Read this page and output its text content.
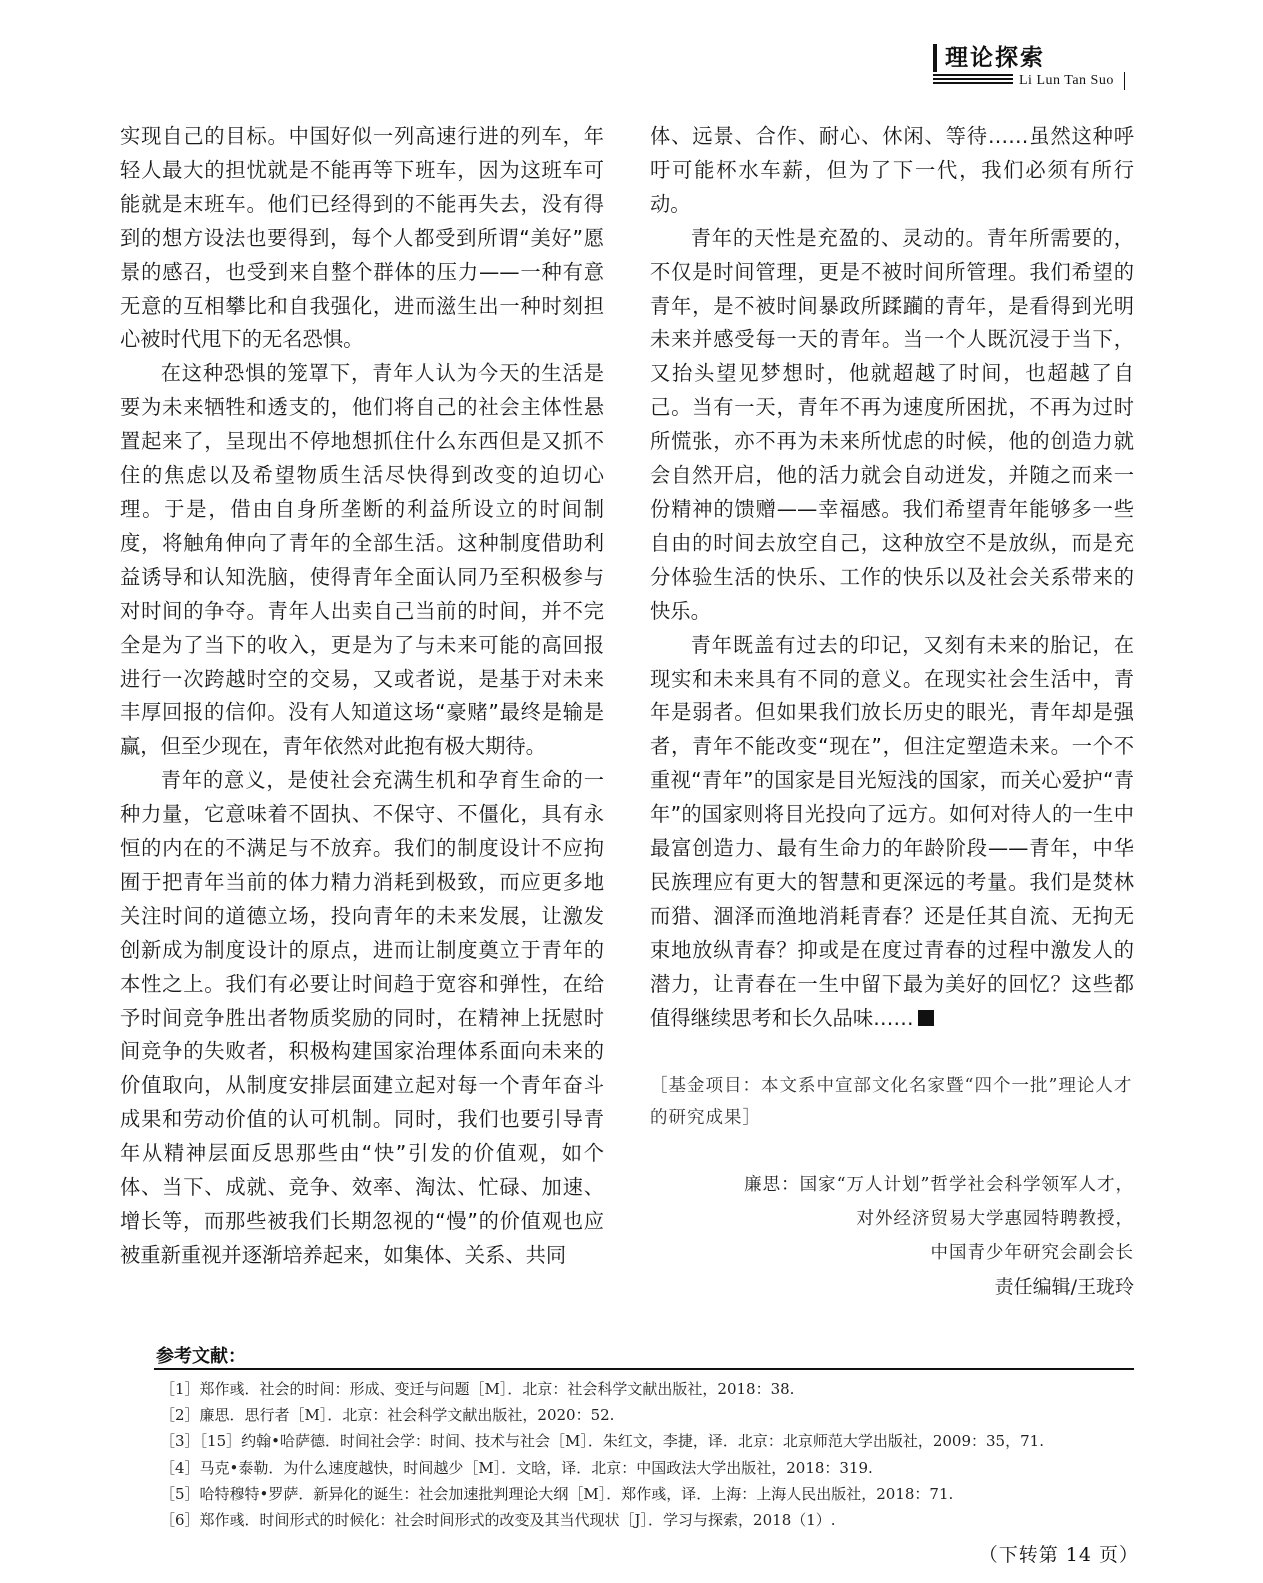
理论探索
Li Lun Tan Suo

实现自己的目标。中国好似一列高速行进的列车，年轻人最大的担忧就是不能再等下班车，因为这班车可能就是末班车。他们已经得到的不能再失去，没有得到的想方设法也要得到，每个人都受到所谓“美好”愿景的感召，也受到来自整个群体的压力——一种有意无意的互相攀比和自我强化，进而滋生出一种时刻担心被时代甩下的无名恐惧。

在这种恐惧的笼罩下，青年人认为今天的生活是要为未来牺牲和透支的，他们将自己的社会主体性悬置起来了，呈现出不停地想抓住什么东西但是又抓不住的焦虑以及希望物质生活尽快得到改变的迫切心理。于是，借由自身所垄断的利益所设立的时间制度，将触角伸向了青年的全部生活。这种制度借助利益诱导和认知洗脑，使得青年全面认同乃至积极参与对时间的争夺。青年人出卖自己当前的时间，并不完全是为了当下的收入，更是为了与未来可能的高回报进行一次跨越时空的交易，又或者说，是基于对未来丰厚回报的信仰。没有人知道这场“豪赌”最终是输是赢，但至少现在，青年依然对此抱有极大期待。

青年的意义，是使社会充满生机和孕育生命的一种力量，它意味着不固执、不保守、不僵化，具有永恒的内在的不满足与不放弃。我们的制度设计不应拘囿于把青年当前的体力精力消耗到极致，而应更多地关注时间的道德立场，投向青年的未来发展，让激发创新成为制度设计的原点，进而让制度奠立于青年的本性之上。我们有必要让时间趋于宽容和弹性，在给予时间竞争胜出者物质奖励的同时，在精神上抚慰时间竞争的失败者，积极构建国家治理体系面向未来的价值取向，从制度安排层面建立起对每一个青年奋斗成果和劳动价值的认可机制。同时，我们也要引导青年从精神层面反思那些由“快”引发的价值观，如个体、当下、成就、竞争、效率、淘汰、忙碌、加速、增长等，而那些被我们长期忽视的“慢”的价值观也应被重新重视并逐渐培养起来，如集体、关系、共同

体、远景、合作、耐心、休闲、等待……虽然这种呼吁可能杯水车薪，但为了下一代，我们必须有所行动。

青年的天性是充盈的、灵动的。青年所需要的，不仅是时间管理，更是不被时间所管理。我们希望的青年，是不被时间暴政所蹂躏的青年，是看得到光明未来并感受每一天的青年。当一个人既沉浸于当下，又抬头望见梦想时，他就超越了时间，也超越了自己。当有一天，青年不再为速度所困扰，不再为过时所慌张，亦不再为未来所忧虑的时候，他的创造力就会自然开启，他的活力就会自动迸发，并随之而来一份精神的馈赠——幸福感。我们希望青年能够多一些自由的时间去放空自己，这种放空不是放纵，而是充分体验生活的快乐、工作的快乐以及社会关系带来的快乐。

青年既盖有过去的印记，又刻有未来的胎记，在现实和未来具有不同的意义。在现实社会生活中，青年是弱者。但如果我们放长历史的眼光，青年却是强者，青年不能改变“现在”，但注定塑造未来。一个不重视“青年”的国家是目光短浅的国家，而关心爱护“青年”的国家则将目光投向了远方。如何对待人的一生中最富创造力、最有生命力的年龄阶段——青年，中华民族理应有更大的智慧和更深远的考量。我们是焚林而猎、涸泽而渔地消耗青春？还是任其自流、无拘无束地放纵青春？抑或是在度过青春的过程中激发人的潜力，让青春在一生中留下最为美好的回忆？这些都值得继续思考和长久品味……

［基金项目：本文系中宣部文化名家暨“四个一批”理论人才的研究成果］
廉思：国家“万人计划”哲学社会科学领军人才，
对外经济贸易大学惠园特聘教授，
中国青少年研究会副会长
责任编辑/王珑玲
参考文献：
［1］郑作彧．社会的时间：形成、变迁与问题［M］．北京：社会科学文献出版社，2018：38.
［2］廉思．思行者［M］．北京：社会科学文献出版社，2020：52.
［3］［15］约翰•哈萨德．时间社会学：时间、技术与社会［M］．朱红文，李捷，译．北京：北京师范大学出版社，2009：35，71.
［4］马克•泰勒．为什么速度越快，时间越少［M］．文晗，译．北京：中国政法大学出版社，2018：319.
［5］哈特穆特•罗萨．新异化的诞生：社会加速批判理论大纲［M］．郑作彧，译．上海：上海人民出版社，2018：71.
［6］郑作彧．时间形式的时候化：社会时间形式的改变及其当代现状［J］．学习与探索，2018（1）.
（下转第 14 页）
